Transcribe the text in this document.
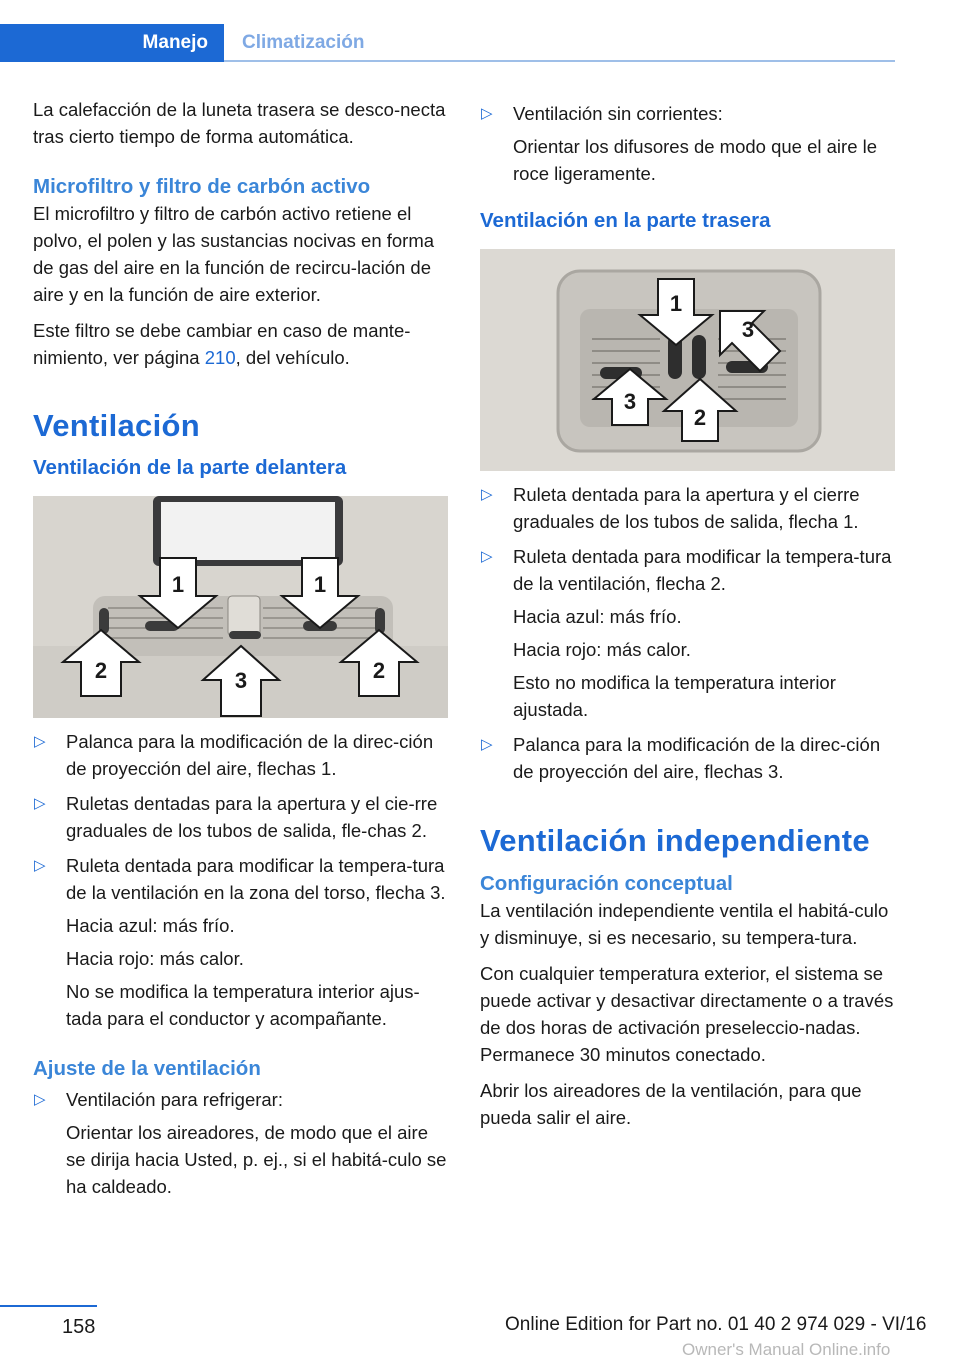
Manejo	Climatización

La calefacción de la luneta trasera se desco-necta tras cierto tiempo de forma automática.

Microfiltro y filtro de carbón activo

El microfiltro y filtro de carbón activo retiene el polvo, el polen y las sustancias nocivas en forma de gas del aire en la función de recircu-lación de aire y en la función de aire exterior.

Este filtro se debe cambiar en caso de mante-nimiento, ver página 210, del vehículo.

Ventilación
Ventilación de la parte delantera
1	1
2	3	2
▷ Palanca para la modificación de la direc-ción de proyección del aire, flechas 1.
▷ Ruletas dentadas para la apertura y el cie-rre graduales de los tubos de salida, fle-chas 2.
▷ Ruleta dentada para modificar la tempera-tura de la ventilación en la zona del torso, flecha 3.
Hacia azul: más frío.
Hacia rojo: más calor.
No se modifica la temperatura interior ajus-tada para el conductor y acompañante.
Ajuste de la ventilación
▷ Ventilación para refrigerar:
Orientar los aireadores, de modo que el aire se dirija hacia Usted, p. ej., si el habitá-culo se ha caldeado.
▷ Ventilación sin corrientes:
Orientar los difusores de modo que el aire le roce ligeramente.
Ventilación en la parte trasera
1
3
3
2
▷ Ruleta dentada para la apertura y el cierre graduales de los tubos de salida, flecha 1.
▷ Ruleta dentada para modificar la tempera-tura de la ventilación, flecha 2.
Hacia azul: más frío.
Hacia rojo: más calor.
Esto no modifica la temperatura interior ajustada.
▷ Palanca para la modificación de la direc-ción de proyección del aire, flechas 3.
Ventilación independiente
Configuración conceptual

La ventilación independiente ventila el habitá-culo y disminuye, si es necesario, su tempera-tura.

Con cualquier temperatura exterior, el sistema se puede activar y desactivar directamente o a través de dos horas de activación preseleccio-nadas. Permanece 30 minutos conectado.

Abrir los aireadores de la ventilación, para que pueda salir el aire.

158	Online Edition for Part no. 01 40 2 974 029 - VI/16
Owner's Manual Online.info
